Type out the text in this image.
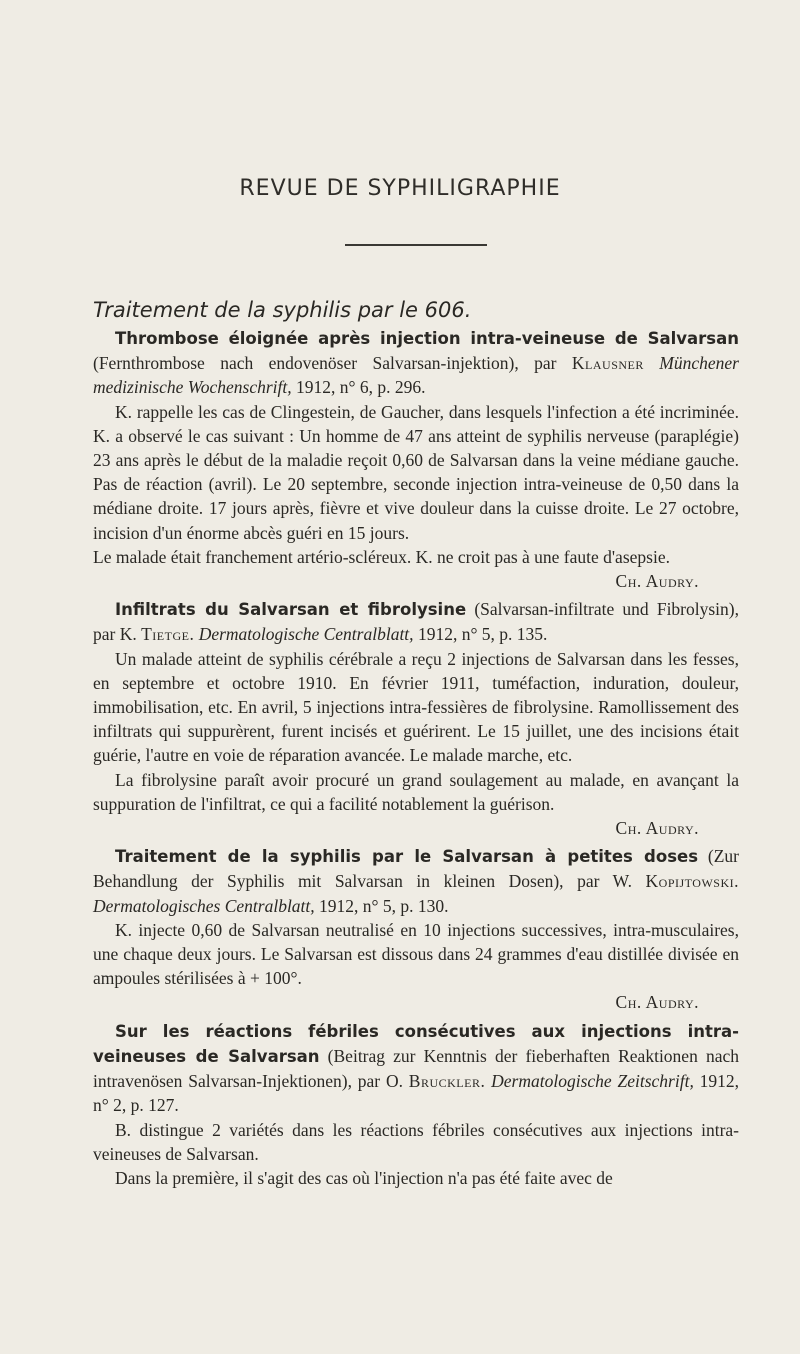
REVUE DE SYPHILIGRAPHIE
Traitement de la syphilis par le 606.

Thrombose éloignée après injection intra-veineuse de Salvarsan (Fernthrombose nach endovenöser Salvarsan-injektion), par Klausner Münchener medizinische Wochenschrift, 1912, n° 6, p. 296.

K. rappelle les cas de Clingestein, de Gaucher, dans lesquels l'infection a été incriminée. K. a observé le cas suivant : Un homme de 47 ans atteint de syphilis nerveuse (paraplégie) 23 ans après le début de la maladie reçoit 0,60 de Salvarsan dans la veine médiane gauche. Pas de réaction (avril). Le 20 septembre, seconde injection intra-veineuse de 0,50 dans la médiane droite. 17 jours après, fièvre et vive douleur dans la cuisse droite. Le 27 octobre, incision d'un énorme abcès guéri en 15 jours.

Le malade était franchement artério-scléreux. K. ne croit pas à une faute d'asepsie.

Ch. Audry.

Infiltrats du Salvarsan et fibrolysine (Salvarsan-infiltrate und Fibrolysin), par K. Tietge. Dermatologische Centralblatt, 1912, n° 5, p. 135.

Un malade atteint de syphilis cérébrale a reçu 2 injections de Salvarsan dans les fesses, en septembre et octobre 1910. En février 1911, tuméfaction, induration, douleur, immobilisation, etc. En avril, 5 injections intra-fessières de fibrolysine. Ramollissement des infiltrats qui suppurèrent, furent incisés et guérirent. Le 15 juillet, une des incisions était guérie, l'autre en voie de réparation avancée. Le malade marche, etc.

La fibrolysine paraît avoir procuré un grand soulagement au malade, en avançant la suppuration de l'infiltrat, ce qui a facilité notablement la guérison.

Ch. Audry.

Traitement de la syphilis par le Salvarsan à petites doses (Zur Behandlung der Syphilis mit Salvarsan in kleinen Dosen), par W. Kopijtowski. Dermatologisches Centralblatt, 1912, n° 5, p. 130.

K. injecte 0,60 de Salvarsan neutralisé en 10 injections successives, intra-musculaires, une chaque deux jours. Le Salvarsan est dissous dans 24 grammes d'eau distillée divisée en ampoules stérilisées à + 100°.

Ch. Audry.

Sur les réactions fébriles consécutives aux injections intra-veineuses de Salvarsan (Beitrag zur Kenntnis der fieberhaften Reaktionen nach intravenösen Salvarsan-Injektionen), par O. Bruckler. Dermatologische Zeitschrift, 1912, n° 2, p. 127.

B. distingue 2 variétés dans les réactions fébriles consécutives aux injections intra-veineuses de Salvarsan.

Dans la première, il s'agit des cas où l'injection n'a pas été faite avec de
